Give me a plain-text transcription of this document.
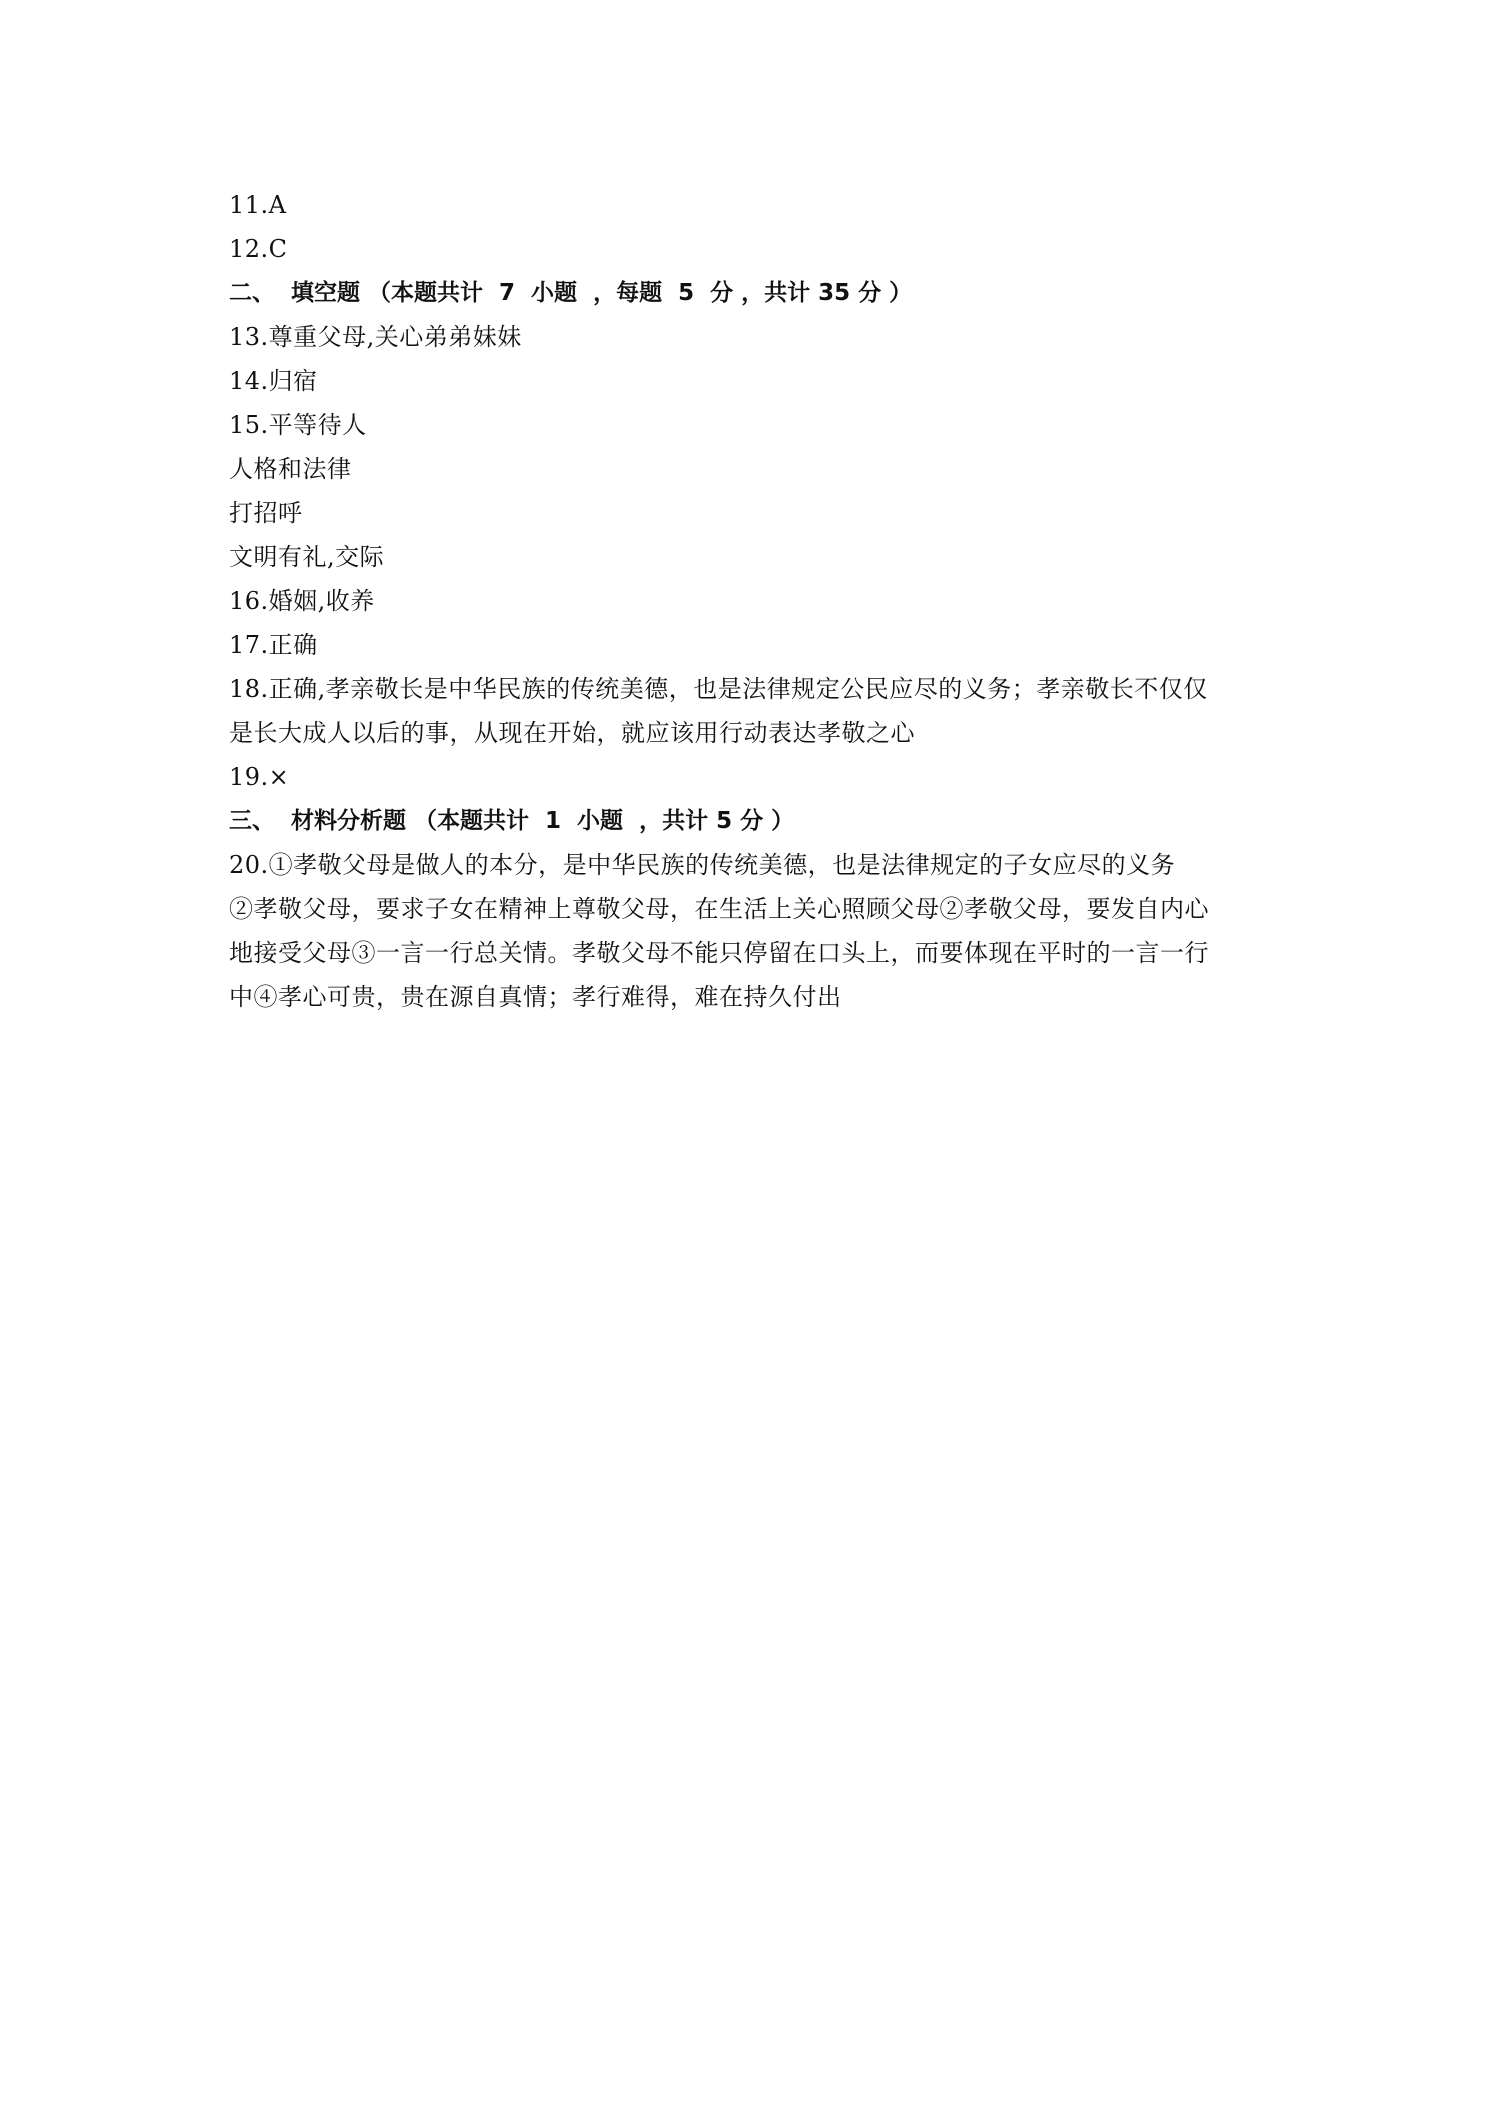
11.A
12.C
二、  填空题 （本题共计  7  小题  ，每题  5  分 ，共计 35 分 ）
13.尊重父母,关心弟弟妹妹
14.归宿
15.平等待人
人格和法律
打招呼
文明有礼,交际
16.婚姻,收养
17.正确
18.正确,孝亲敬长是中华民族的传统美德，也是法律规定公民应尽的义务；孝亲敬长不仅仅
是长大成人以后的事，从现在开始，就应该用行动表达孝敬之心
19.×
三、  材料分析题 （本题共计  1  小题  ，共计 5 分 ）
20.①孝敬父母是做人的本分，是中华民族的传统美德，也是法律规定的子女应尽的义务
②孝敬父母，要求子女在精神上尊敬父母，在生活上关心照顾父母②孝敬父母，要发自内心
地接受父母③一言一行总关情。孝敬父母不能只停留在口头上，而要体现在平时的一言一行
中④孝心可贵，贵在源自真情；孝行难得，难在持久付出
